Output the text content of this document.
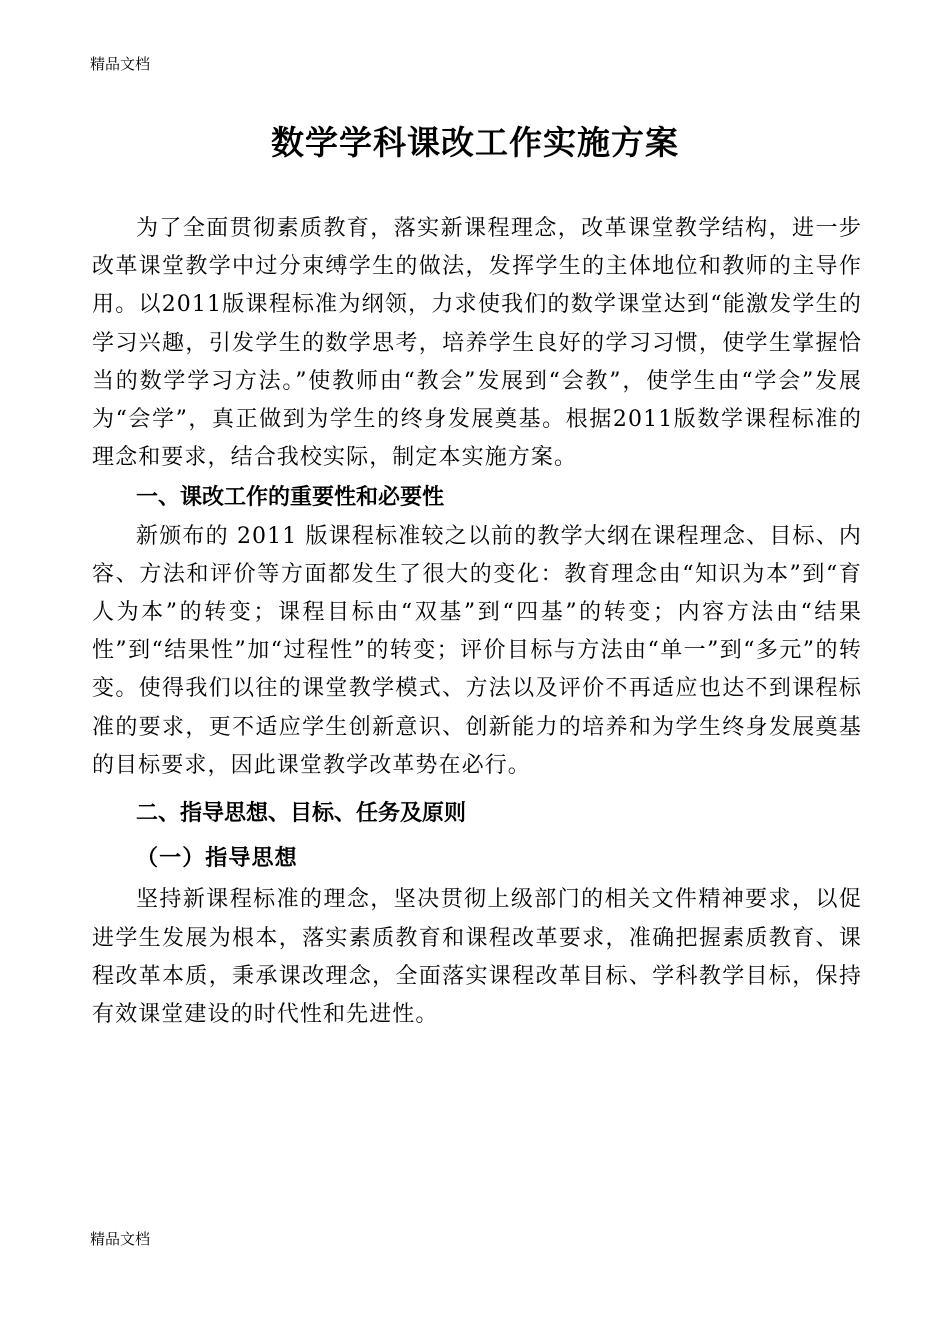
精品文档
数学学科课改工作实施方案

为了全面贯彻素质教育，落实新课程理念，改革课堂教学结构，进一步改革课堂教学中过分束缚学生的做法，发挥学生的主体地位和教师的主导作用。以2011版课程标准为纲领，力求使我们的数学课堂达到“能激发学生的学习兴趣，引发学生的数学思考，培养学生良好的学习习惯，使学生掌握恰当的数学学习方法。”使教师由“教会”发展到“会教”，使学生由“学会”发展为“会学”，真正做到为学生的终身发展奠基。根据2011版数学课程标准的理念和要求，结合我校实际，制定本实施方案。

一、课改工作的重要性和必要性

新颁布的 2011 版课程标准较之以前的教学大纲在课程理念、目标、内容、方法和评价等方面都发生了很大的变化：教育理念由“知识为本”到“育人为本”的转变；课程目标由“双基”到“四基”的转变；内容方法由“结果性”到“结果性”加“过程性”的转变；评价目标与方法由“单一”到“多元”的转变。使得我们以往的课堂教学模式、方法以及评价不再适应也达不到课程标准的要求，更不适应学生创新意识、创新能力的培养和为学生终身发展奠基的目标要求，因此课堂教学改革势在必行。

二、指导思想、目标、任务及原则
（一）指导思想

坚持新课程标准的理念，坚决贯彻上级部门的相关文件精神要求，以促进学生发展为根本，落实素质教育和课程改革要求，准确把握素质教育、课程改革本质，秉承课改理念，全面落实课程改革目标、学科教学目标，保持有效课堂建设的时代性和先进性。

精品文档
